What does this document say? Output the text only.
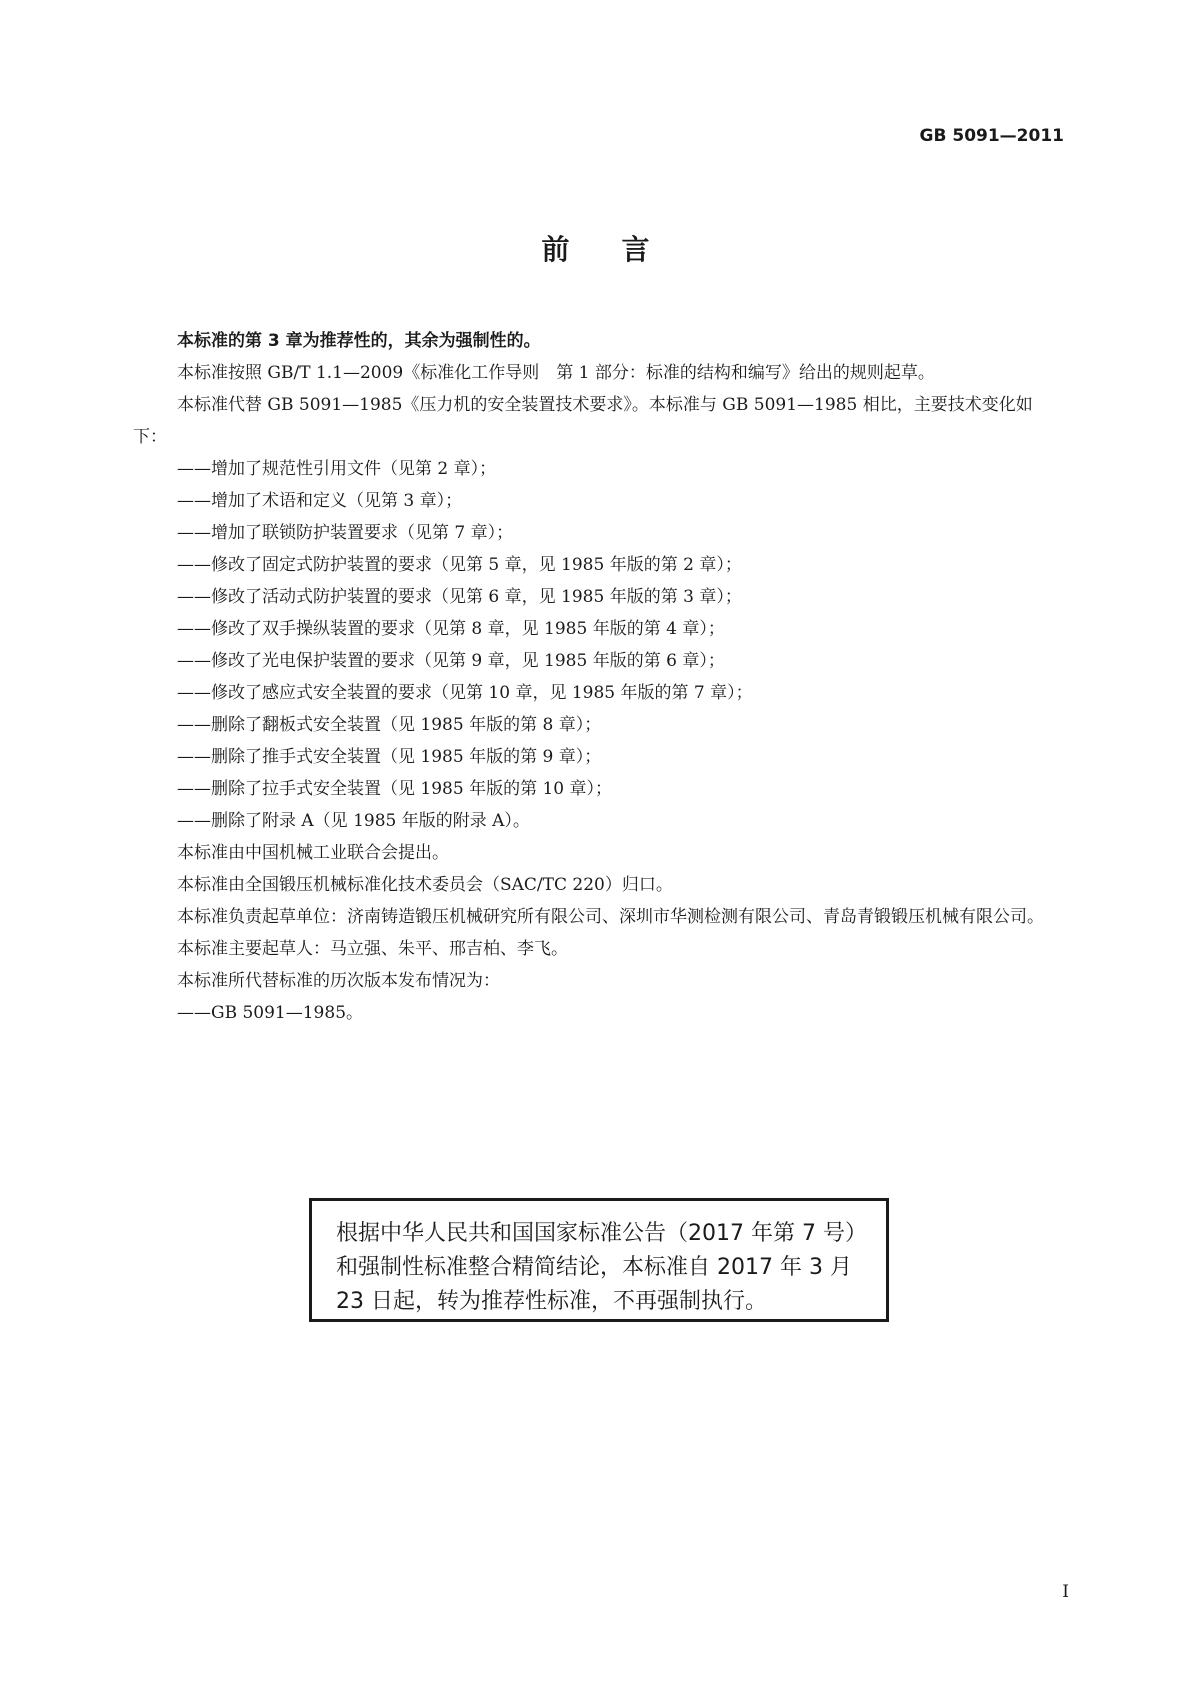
GB 5091—2011
前言

本标准的第 3 章为推荐性的，其余为强制性的。

本标准按照 GB/T 1.1—2009《标准化工作导则　第 1 部分：标准的结构和编写》给出的规则起草。

本标准代替 GB 5091—1985《压力机的安全装置技术要求》。本标准与 GB 5091—1985 相比，主要技术变化如下：

——增加了规范性引用文件（见第 2 章）；

——增加了术语和定义（见第 3 章）；

——增加了联锁防护装置要求（见第 7 章）；

——修改了固定式防护装置的要求（见第 5 章，见 1985 年版的第 2 章）；

——修改了活动式防护装置的要求（见第 6 章，见 1985 年版的第 3 章）；

——修改了双手操纵装置的要求（见第 8 章，见 1985 年版的第 4 章）；

——修改了光电保护装置的要求（见第 9 章，见 1985 年版的第 6 章）；

——修改了感应式安全装置的要求（见第 10 章，见 1985 年版的第 7 章）；

——删除了翻板式安全装置（见 1985 年版的第 8 章）；

——删除了推手式安全装置（见 1985 年版的第 9 章）；

——删除了拉手式安全装置（见 1985 年版的第 10 章）；

——删除了附录 A（见 1985 年版的附录 A）。

本标准由中国机械工业联合会提出。

本标准由全国锻压机械标准化技术委员会（SAC/TC 220）归口。

本标准负责起草单位：济南铸造锻压机械研究所有限公司、深圳市华测检测有限公司、青岛青锻锻压机械有限公司。

本标准主要起草人：马立强、朱平、邢吉柏、李飞。

本标准所代替标准的历次版本发布情况为：

——GB 5091—1985。

根据中华人民共和国国家标准公告（2017 年第 7 号）和强制性标准整合精简结论，本标准自 2017 年 3 月 23 日起，转为推荐性标准，不再强制执行。
I
